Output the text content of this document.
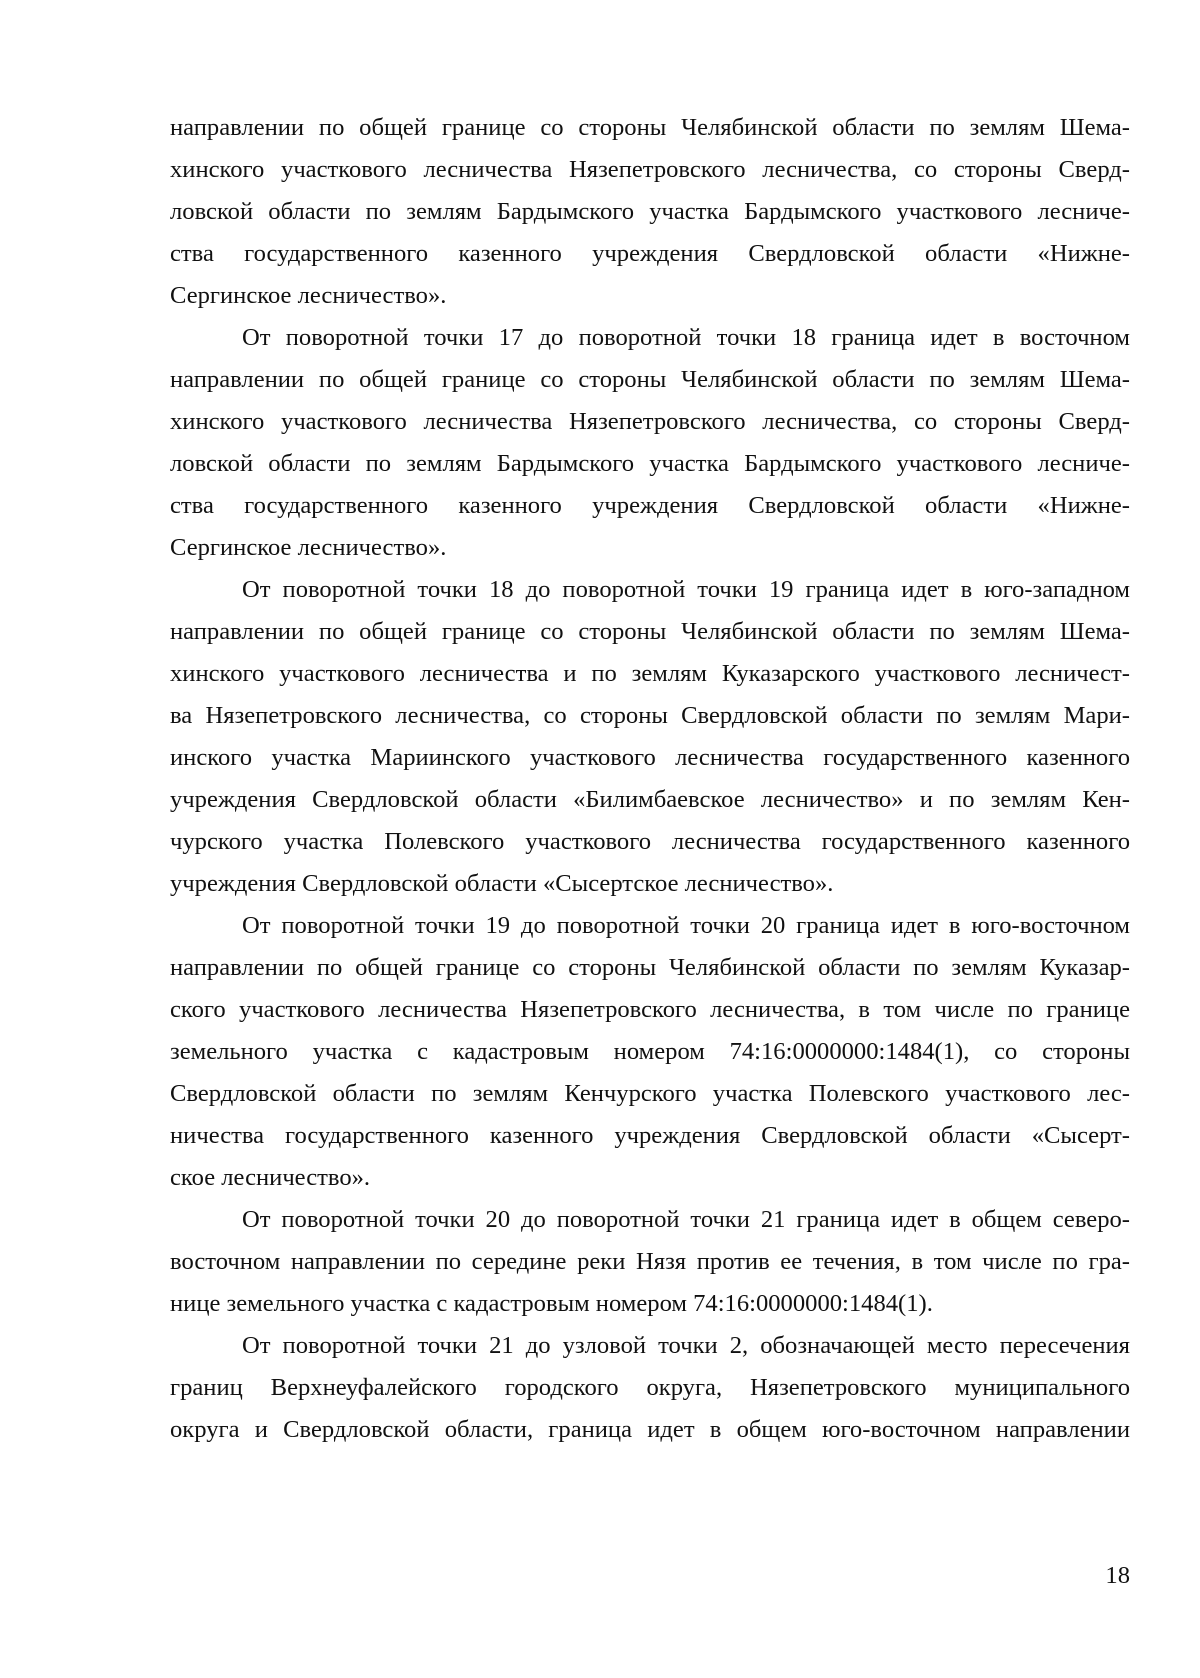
направлении по общей границе со стороны Челябинской области по землям Шема-
хинского участкового лесничества Нязепетровского лесничества, со стороны Сверд-
ловской области по землям Бардымского участка Бардымского участкового лесниче-
ства государственного казенного учреждения Свердловской области «Нижне-
Сергинское лесничество».
От поворотной точки 17 до поворотной точки 18 граница идет в восточном
направлении по общей границе со стороны Челябинской области по землям Шема-
хинского участкового лесничества Нязепетровского лесничества, со стороны Сверд-
ловской области по землям Бардымского участка Бардымского участкового лесниче-
ства государственного казенного учреждения Свердловской области «Нижне-
Сергинское лесничество».
От поворотной точки 18 до поворотной точки 19 граница идет в юго-западном
направлении по общей границе со стороны Челябинской области по землям Шема-
хинского участкового лесничества и по землям Куказарского участкового лесничест-
ва Нязепетровского лесничества, со стороны Свердловской области по землям Мари-
инского участка Мариинского участкового лесничества государственного казенного
учреждения Свердловской области «Билимбаевское лесничество» и по землям Кен-
чурского участка Полевского участкового лесничества государственного казенного
учреждения Свердловской области «Сысертское лесничество».
От поворотной точки 19 до поворотной точки 20 граница идет в юго-восточном
направлении по общей границе со стороны Челябинской области по землям Куказар-
ского участкового лесничества Нязепетровского лесничества, в том числе по границе
земельного участка с кадастровым номером 74:16:0000000:1484(1), со стороны
Свердловской области по землям Кенчурского участка Полевского участкового лес-
ничества государственного казенного учреждения Свердловской области «Сысерт-
ское лесничество».
От поворотной точки 20 до поворотной точки 21 граница идет в общем северо-
восточном направлении по середине реки Нязя против ее течения, в том числе по гра-
нице земельного участка с кадастровым номером 74:16:0000000:1484(1).
От поворотной точки 21 до узловой точки 2, обозначающей место пересечения
границ Верхнеуфалейского городского округа, Нязепетровского муниципального
округа и Свердловской области, граница идет в общем юго-восточном направлении
18
